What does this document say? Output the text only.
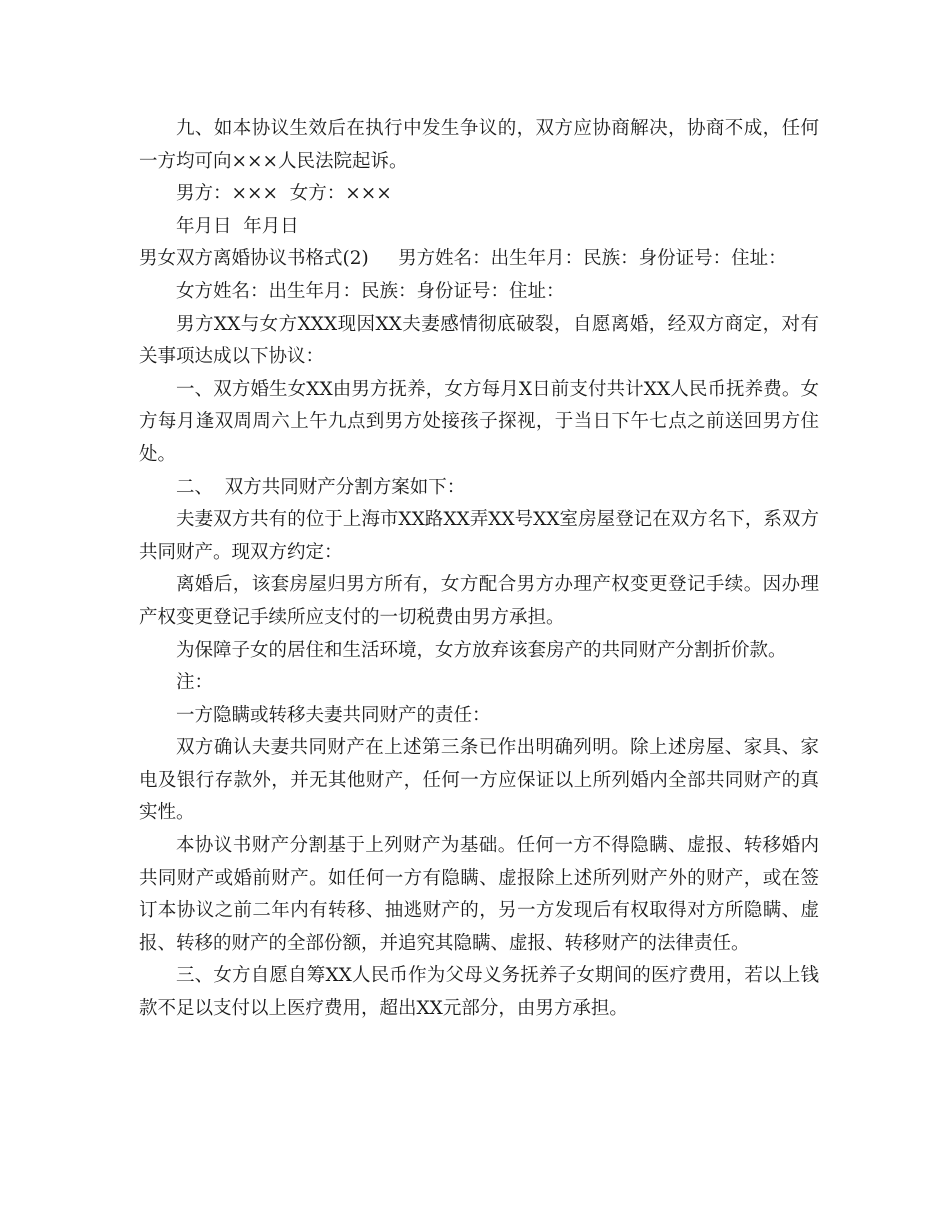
九、如本协议生效后在执行中发生争议的，双方应协商解决，协商不成，任何一方均可向×××人民法院起诉。

男方：×××  女方：×××

年月日  年月日

男女双方离婚协议书格式(2)     男方姓名：出生年月：民族：身份证号：住址：

女方姓名：出生年月：民族：身份证号：住址：

男方XX与女方XXX现因XX夫妻感情彻底破裂，自愿离婚，经双方商定，对有关事项达成以下协议：

一、双方婚生女XX由男方抚养，女方每月X日前支付共计XX人民币抚养费。女方每月逢双周周六上午九点到男方处接孩子探视，于当日下午七点之前送回男方住处。

二、  双方共同财产分割方案如下：

夫妻双方共有的位于上海市XX路XX弄XX号XX室房屋登记在双方名下，系双方共同财产。现双方约定：

离婚后，该套房屋归男方所有，女方配合男方办理产权变更登记手续。因办理产权变更登记手续所应支付的一切税费由男方承担。

为保障子女的居住和生活环境，女方放弃该套房产的共同财产分割折价款。

注：

一方隐瞒或转移夫妻共同财产的责任：

双方确认夫妻共同财产在上述第三条已作出明确列明。除上述房屋、家具、家电及银行存款外，并无其他财产，任何一方应保证以上所列婚内全部共同财产的真实性。

本协议书财产分割基于上列财产为基础。任何一方不得隐瞒、虚报、转移婚内共同财产或婚前财产。如任何一方有隐瞒、虚报除上述所列财产外的财产，或在签订本协议之前二年内有转移、抽逃财产的，另一方发现后有权取得对方所隐瞒、虚报、转移的财产的全部份额，并追究其隐瞒、虚报、转移财产的法律责任。

三、女方自愿自筹XX人民币作为父母义务抚养子女期间的医疗费用，若以上钱款不足以支付以上医疗费用，超出XX元部分，由男方承担。
